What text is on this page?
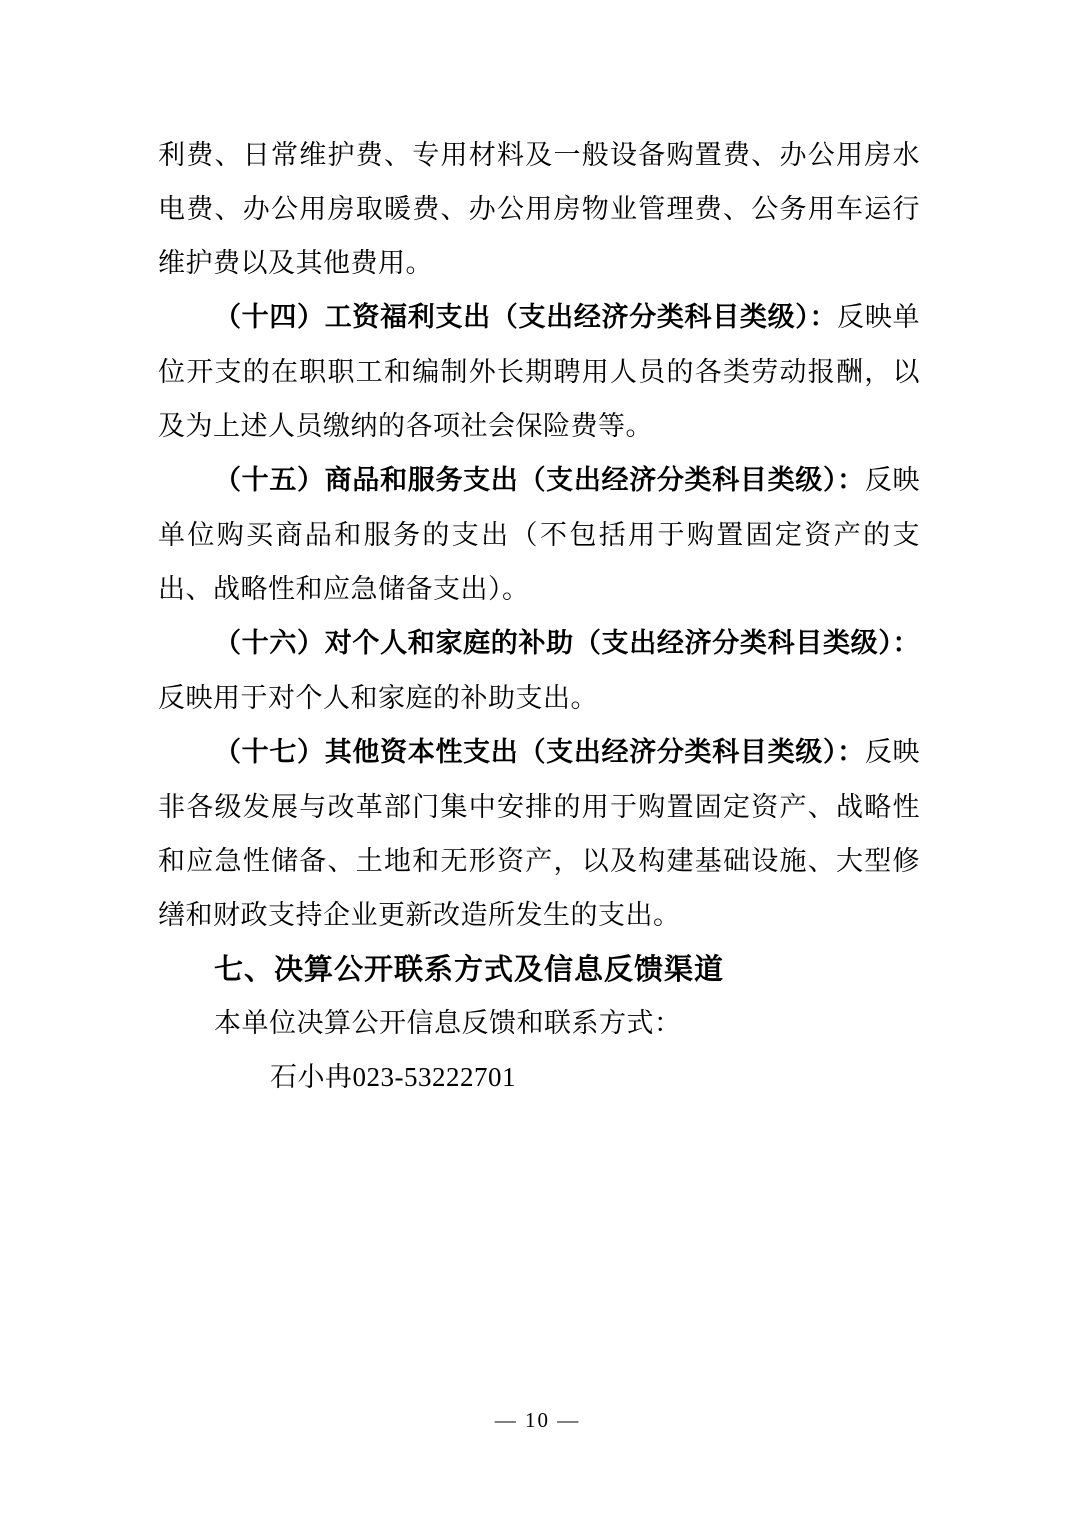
利费、日常维护费、专用材料及一般设备购置费、办公用房水电费、办公用房取暖费、办公用房物业管理费、公务用车运行维护费以及其他费用。

（十四）工资福利支出（支出经济分类科目类级）：反映单位开支的在职职工和编制外长期聘用人员的各类劳动报酬，以及为上述人员缴纳的各项社会保险费等。

（十五）商品和服务支出（支出经济分类科目类级）：反映单位购买商品和服务的支出（不包括用于购置固定资产的支出、战略性和应急储备支出）。

（十六）对个人和家庭的补助（支出经济分类科目类级）：反映用于对个人和家庭的补助支出。

（十七）其他资本性支出（支出经济分类科目类级）：反映非各级发展与改革部门集中安排的用于购置固定资产、战略性和应急性储备、土地和无形资产，以及构建基础设施、大型修缮和财政支持企业更新改造所发生的支出。

七、决算公开联系方式及信息反馈渠道

本单位决算公开信息反馈和联系方式：

石小冉023-53222701

— 10 —
